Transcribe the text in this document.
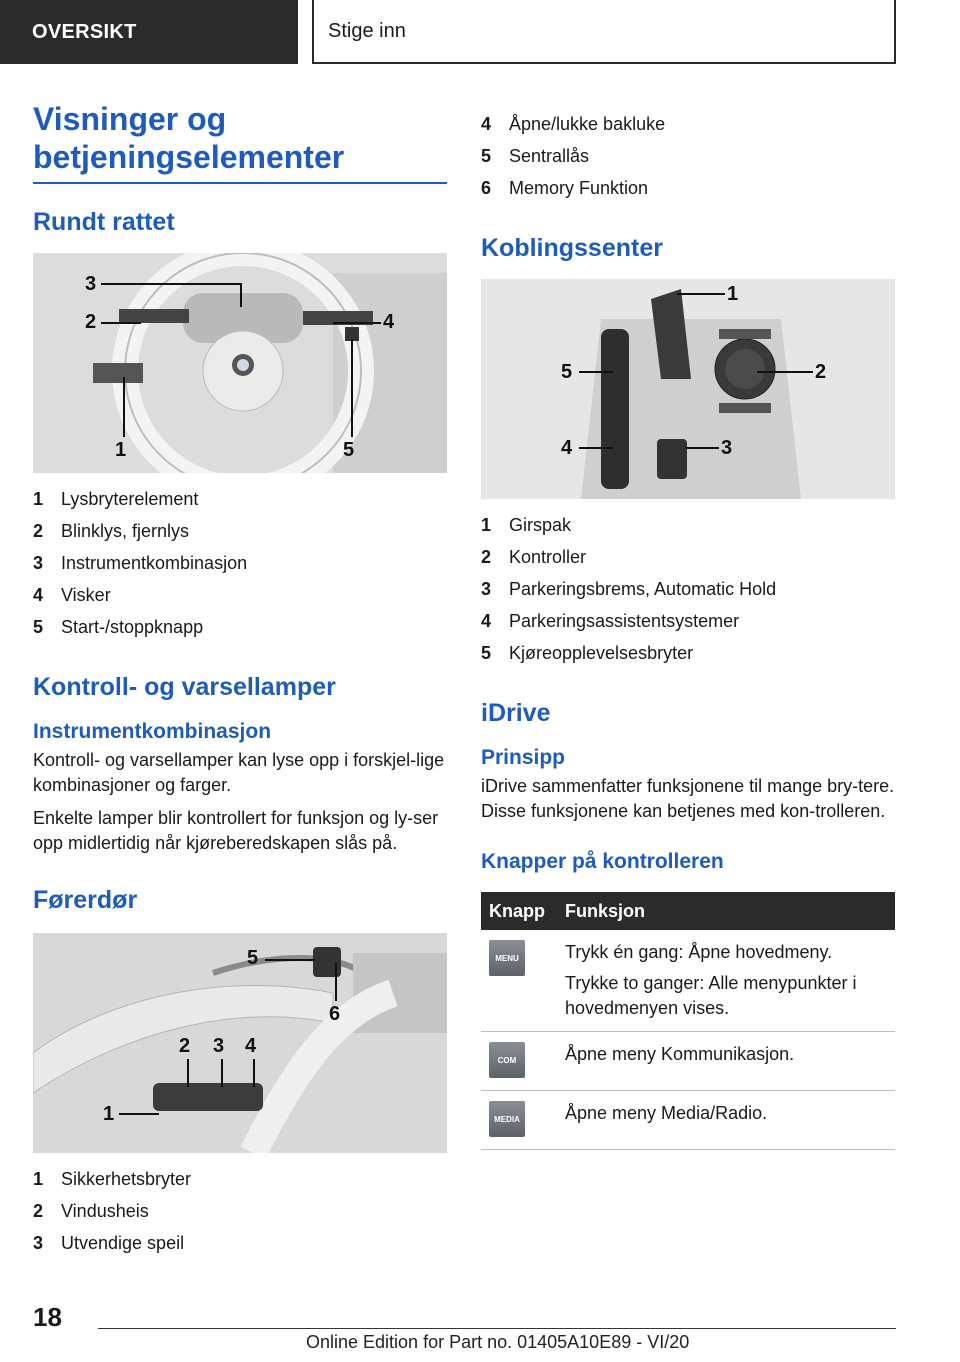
OVERSIKT	Stige inn
Visninger og
betjeningselementer
Rundt rattet
3
2	4
1	5
1 Lysbryterelement
2 Blinklys, fjernlys
3 Instrumentkombinasjon
4 Visker
5 Start-/stoppknapp
Kontroll- og varsellamper
Instrumentkombinasjon

Kontroll- og varsellamper kan lyse opp i forskjel-lige kombinasjoner og farger.

Enkelte lamper blir kontrollert for funksjon og ly-ser opp midlertidig når kjøreberedskapen slås på.

Førerdør
5
6
2 3 4
1
1 Sikkerhetsbryter
2 Vindusheis
3 Utvendige speil
4 Åpne/lukke bakluke
5 Sentrallås
6 Memory Funktion
Koblingssenter
1
2
3
4
5
1 Girspak
2 Kontroller
3 Parkeringsbrems, Automatic Hold
4 Parkeringsassistentsystemer
5 Kjøreopplevelsesbryter
iDrive
Prinsipp

iDrive sammenfatter funksjonene til mange bry-tere. Disse funksjonene kan betjenes med kon-trolleren.

Knapper på kontrolleren
Knapp	Funksjon

MENU	Trykk én gang: Åpne hovedmeny.
Trykke to ganger: Alle menypunkter i hovedmenyen vises.

COM	Åpne meny Kommunikasjon.

MEDIA	Åpne meny Media/Radio.
18
Online Edition for Part no. 01405A10E89 - VI/20
